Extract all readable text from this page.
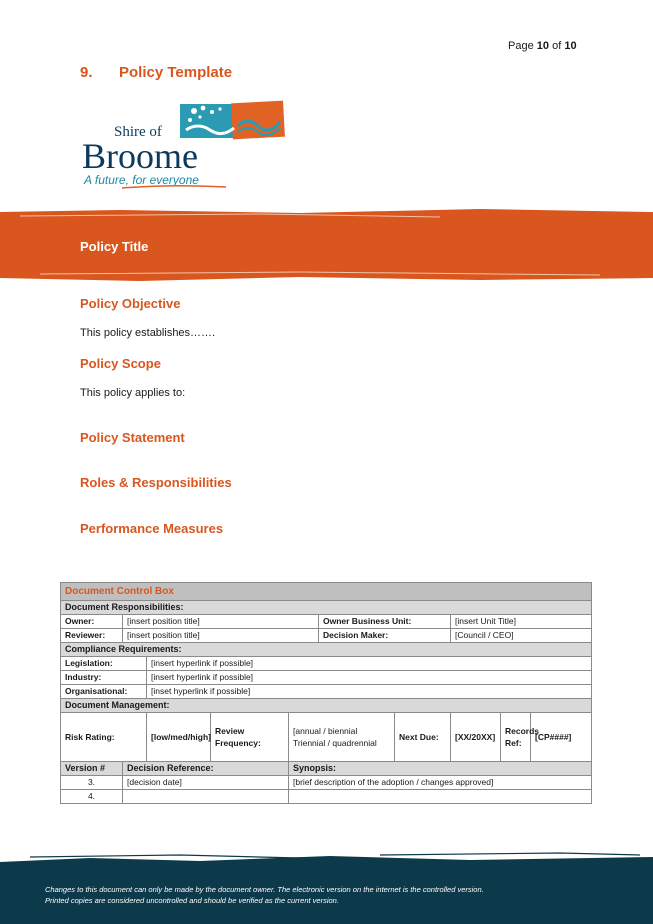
Page 10 of 10
9. Policy Template
Shire of
Broome
A future, for everyone
Policy Title
Policy Objective
This policy establishes…….
Policy Scope
This policy applies to:
Policy Statement
Roles & Responsibilities
Performance Measures
Document Control Box									
Document Responsibilities:									
Owner:	[insert position title]				Owner Business Unit:		[insert Unit Title]		
Reviewer:	[insert position title]				Decision Maker:		[Council / CEO]		
Compliance Requirements:									
Legislation:		[insert hyperlink if possible]							
Industry:		[insert hyperlink if possible]							
Organisational:		[inset hyperlink if possible]							
Document Management:									
Risk Rating:		[low/med/high]	Review Frequency:	[annual / biennial Triennial / quadrennial		Next Due:	[XX/20XX]	Records Ref:	[CP####]
Version #	Decision Reference:			Synopsis:					
3.	[decision date]			[brief description of the adoption / changes approved]					
4.									
Changes to this document can only be made by the document owner. The electronic version on the internet is the controlled version.
Printed copies are considered uncontrolled and should be verified as the current version.
